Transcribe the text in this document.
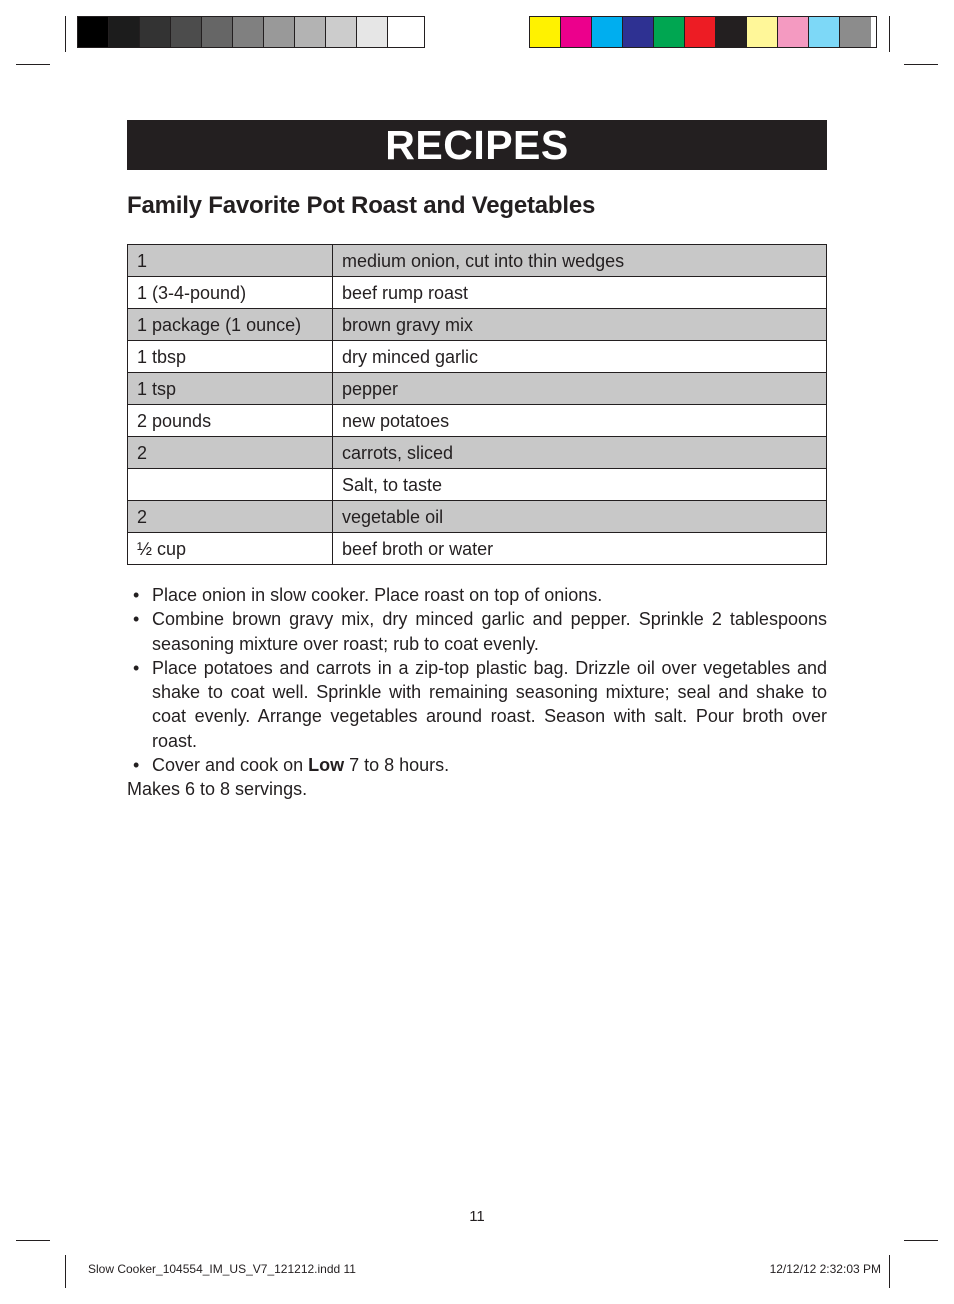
RECIPES
Family Favorite Pot Roast and Vegetables
1	medium onion, cut into thin wedges
1 (3-4-pound)	beef rump roast
1 package (1 ounce)	brown gravy mix
1 tbsp	dry minced garlic
1 tsp	pepper
2 pounds	new potatoes
2	carrots, sliced
	Salt, to taste
2	vegetable oil
½ cup	beef broth or water
• Place onion in slow cooker. Place roast on top of onions.
• Combine brown gravy mix, dry minced garlic and pepper. Sprinkle 2 tablespoons seasoning mixture over roast; rub to coat evenly.
• Place potatoes and carrots in a zip-top plastic bag. Drizzle oil over vegetables and shake to coat well. Sprinkle with remaining seasoning mixture; seal and shake to coat evenly. Arrange vegetables around roast. Season with salt. Pour broth over roast.
• Cover and cook on Low 7 to 8 hours.
Makes 6 to 8 servings.
11
Slow Cooker_104554_IM_US_V7_121212.indd 11	12/12/12 2:32:03 PM
